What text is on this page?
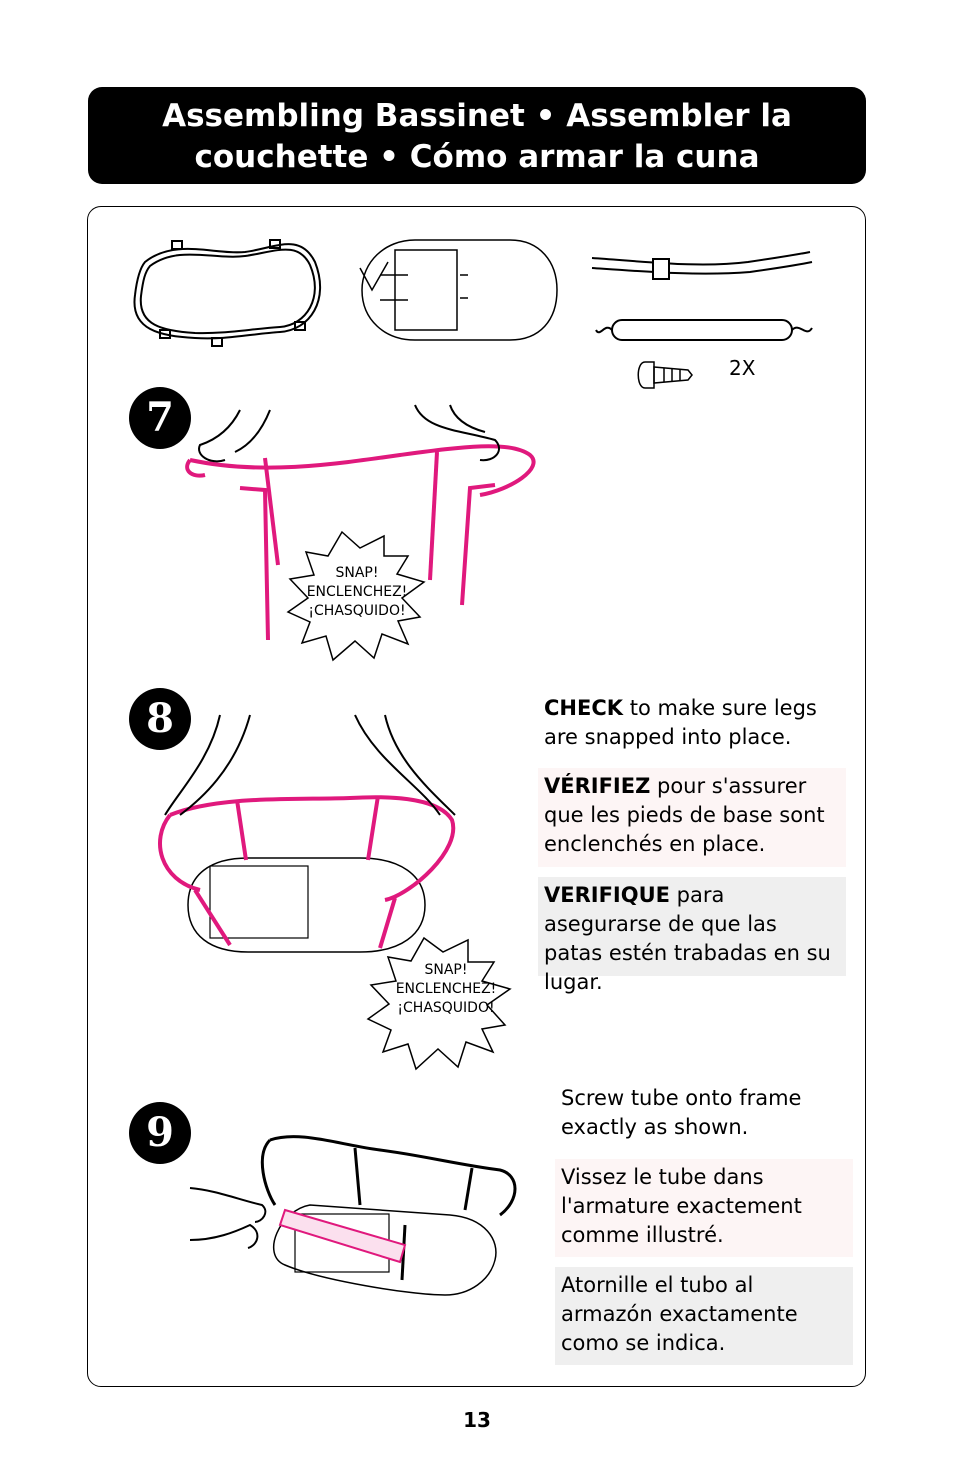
Assembling Bassinet • Assembler la
couchette • Cómo armar la cuna
7
8
9
2X
SNAP!
ENCLENCHEZ!
¡CHASQUIDO!
SNAP!
ENCLENCHEZ!
¡CHASQUIDO!
CHECK to make sure legs are snapped into place.
VÉRIFIEZ pour s'assurer que les pieds de base sont enclenchés en place.
VERIFIQUE para asegurarse de que las patas estén trabadas en su lugar.
Screw tube onto frame exactly as shown.
Vissez le tube dans l'armature exactement comme illustré.
Atornille el tubo al armazón exactamente como se indica.
13
